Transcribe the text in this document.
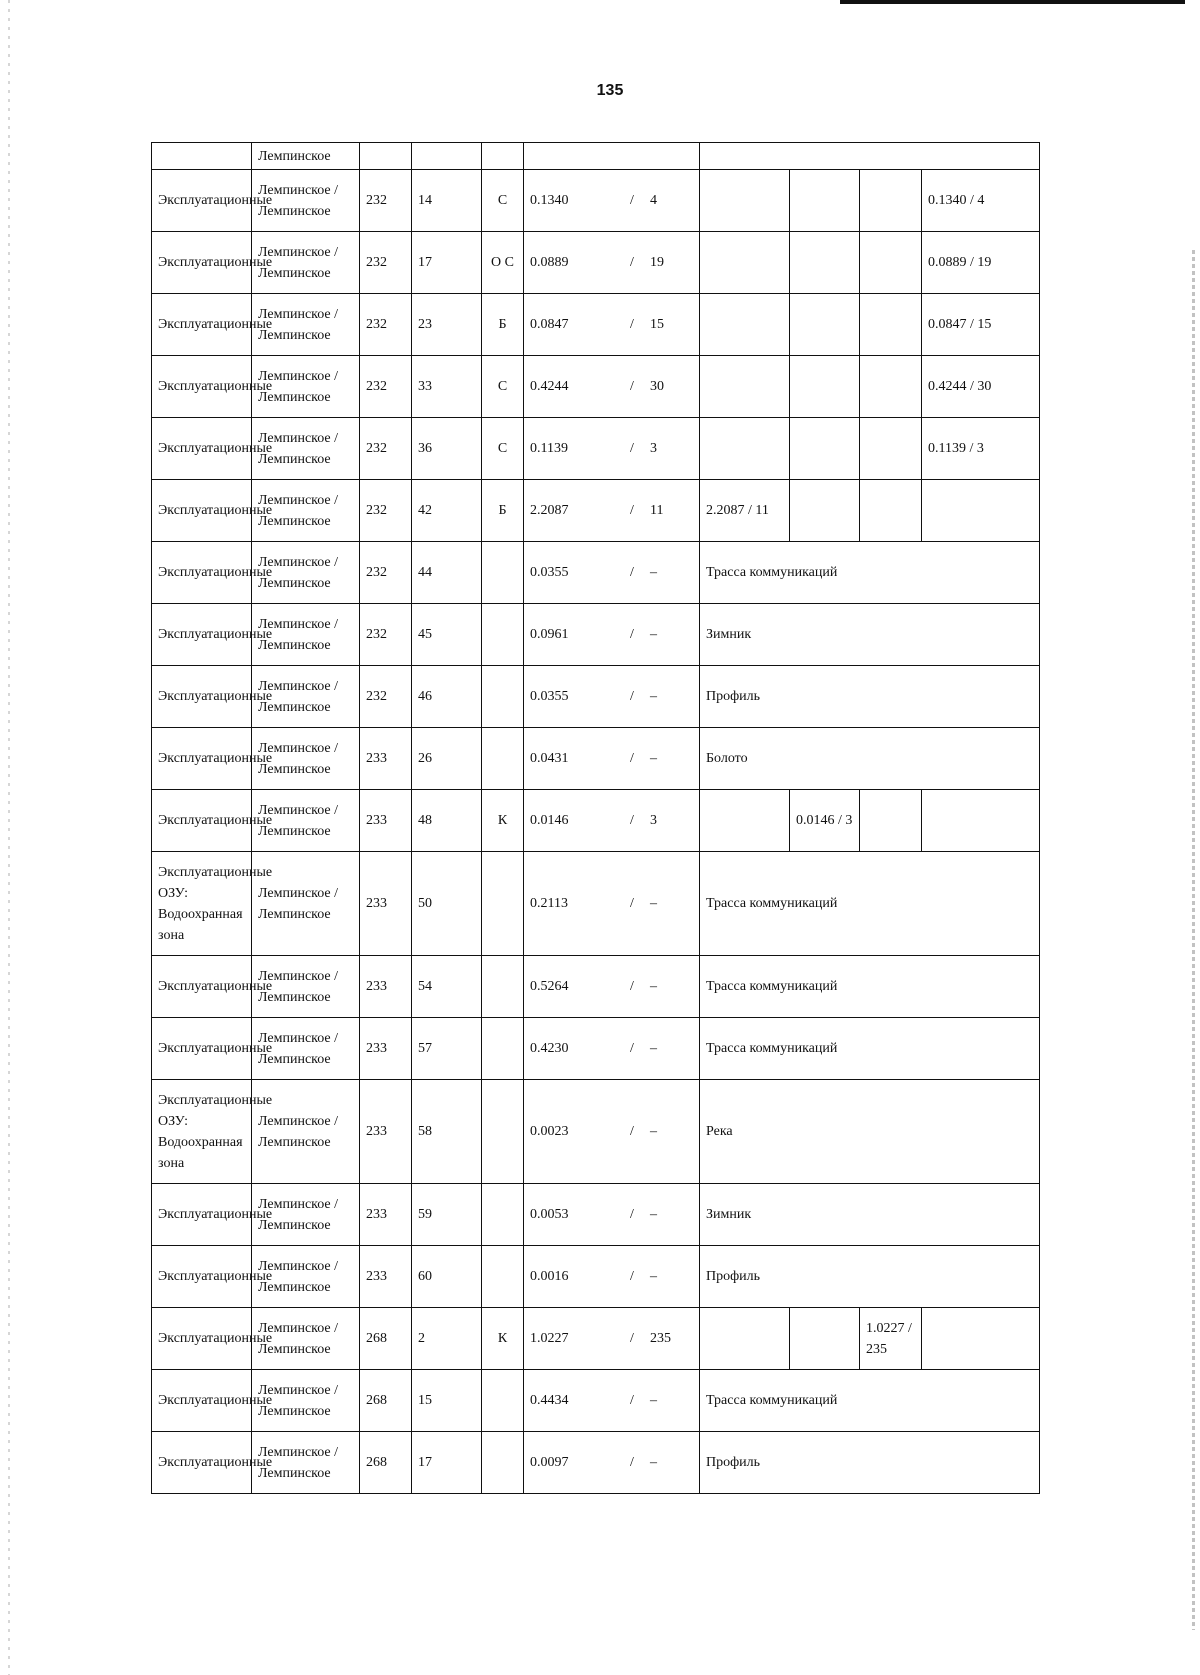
135
	Лемпинское								
Эксплуатационные	Лемпинское / Лемпинское	232	14	С	0.1340 / 4				0.1340 / 4
Эксплуатационные	Лемпинское / Лемпинское	232	17	О С	0.0889 / 19				0.0889 / 19
Эксплуатационные	Лемпинское / Лемпинское	232	23	Б	0.0847 / 15				0.0847 / 15
Эксплуатационные	Лемпинское / Лемпинское	232	33	С	0.4244 / 30				0.4244 / 30
Эксплуатационные	Лемпинское / Лемпинское	232	36	С	0.1139 / 3				0.1139 / 3
Эксплуатационные	Лемпинское / Лемпинское	232	42	Б	2.2087 / 11	2.2087 / 11			
Эксплуатационные	Лемпинское / Лемпинское	232	44		0.0355 / –	Трасса коммуникаций			
Эксплуатационные	Лемпинское / Лемпинское	232	45		0.0961 / –	Зимник			
Эксплуатационные	Лемпинское / Лемпинское	232	46		0.0355 / –	Профиль			
Эксплуатационные	Лемпинское / Лемпинское	233	26		0.0431 / –	Болото			
Эксплуатационные	Лемпинское / Лемпинское	233	48	К	0.0146 / 3		0.0146 / 3		
Эксплуатационные ОЗУ: Водоохранная зона	Лемпинское / Лемпинское	233	50		0.2113 / –	Трасса коммуникаций			
Эксплуатационные	Лемпинское / Лемпинское	233	54		0.5264 / –	Трасса коммуникаций			
Эксплуатационные	Лемпинское / Лемпинское	233	57		0.4230 / –	Трасса коммуникаций			
Эксплуатационные ОЗУ: Водоохранная зона	Лемпинское / Лемпинское	233	58		0.0023 / –	Река			
Эксплуатационные	Лемпинское / Лемпинское	233	59		0.0053 / –	Зимник			
Эксплуатационные	Лемпинское / Лемпинское	233	60		0.0016 / –	Профиль			
Эксплуатационные	Лемпинское / Лемпинское	268	2	К	1.0227 / 235			1.0227 / 235	
Эксплуатационные	Лемпинское / Лемпинское	268	15		0.4434 / –	Трасса коммуникаций			
Эксплуатационные	Лемпинское / Лемпинское	268	17		0.0097 / –	Профиль			
